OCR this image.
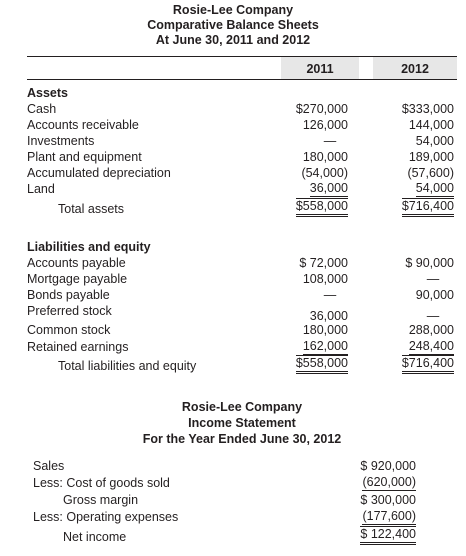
Rosie-Lee Company
Comparative Balance Sheets
At June 30, 2011 and 2012
2011	2012
Assets
Cash	$270,000	$333,000
Accounts receivable	126,000	144,000
Investments	—	54,000
Plant and equipment	180,000	189,000
Accumulated depreciation	(54,000)	(57,600)
Land	36,000	54,000
Total assets	$558,000	$716,400
Liabilities and equity
Accounts payable	$ 72,000	$ 90,000
Mortgage payable	108,000	—
Bonds payable	—	90,000
Preferred stock	36,000	—
Common stock	180,000	288,000
Retained earnings	162,000	248,400
Total liabilities and equity	$558,000	$716,400
Rosie-Lee Company
Income Statement
For the Year Ended June 30, 2012
Sales	$ 920,000
Less: Cost of goods sold	(620,000)
Gross margin	$ 300,000
Less: Operating expenses	(177,600)
Net income	$ 122,400
